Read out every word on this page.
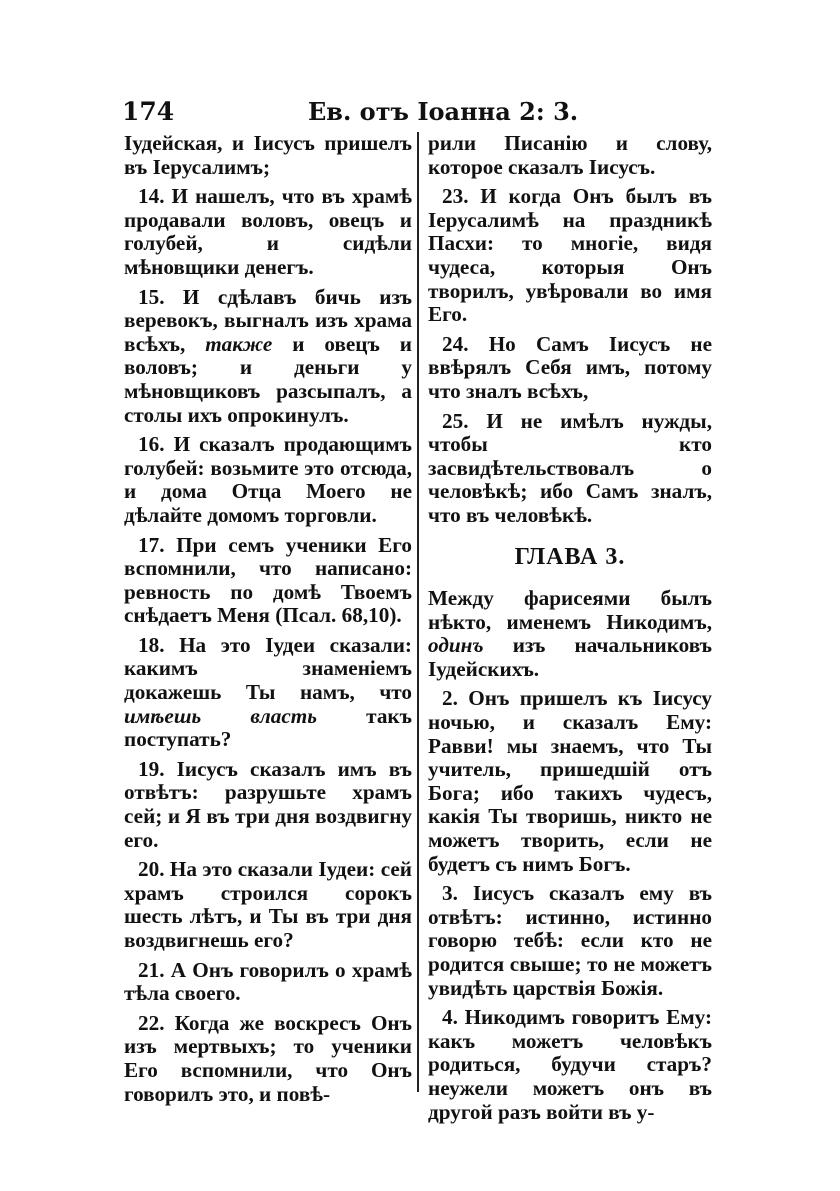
174	Ев. отъ Іоанна 2: 3.

Іудейская, и Іисусъ пришелъ въ Іерусалимъ;

14. И нашелъ, что въ храмѣ продавали воловъ, овецъ и голубей, и сидѣли мѣновщики денегъ.

15. И сдѣлавъ бичь изъ веревокъ, выгналъ изъ храма всѣхъ, также и овецъ и воловъ; и деньги у мѣновщиковъ разсыпалъ, а столы ихъ опрокинулъ.

16. И сказалъ продающимъ голубей: возьмите это отсюда, и дома Отца Моего не дѣлайте домомъ торговли.

17. При семъ ученики Его вспомнили, что написано: ревность по домѣ Твоемъ снѣдаетъ Меня (Псал. 68,10).

18. На это Іудеи сказали: какимъ знаменіемъ докажешь Ты намъ, что имѣешь власть такъ поступать?

19. Іисусъ сказалъ имъ въ отвѣтъ: разрушьте храмъ сей; и Я въ три дня воздвигну его.

20. На это сказали Іудеи: сей храмъ строился сорокъ шесть лѣтъ, и Ты въ три дня воздвигнешь его?

21. А Онъ говорилъ о храмѣ тѣла своего.

22. Когда же воскресъ Онъ изъ мертвыхъ; то ученики Его вспомнили, что Онъ говорилъ это, и повѣ-

рили Писанію и слову, которое сказалъ Іисусъ.

23. И когда Онъ былъ въ Іерусалимѣ на праздникѣ Пасхи: то многіе, видя чудеса, которыя Онъ творилъ, увѣровали во имя Его.

24. Но Самъ Іисусъ не ввѣрялъ Себя имъ, потому что зналъ всѣхъ,

25. И не имѣлъ нужды, чтобы кто засвидѣтельствовалъ о человѣкѣ; ибо Самъ зналъ, что въ человѣкѣ.

ГЛАВА 3.

Между фарисеями былъ нѣкто, именемъ Никодимъ, одинъ изъ начальниковъ Іудейскихъ.

2. Онъ пришелъ къ Іисусу ночью, и сказалъ Ему: Равви! мы знаемъ, что Ты учитель, пришедшій отъ Бога; ибо такихъ чудесъ, какія Ты творишь, никто не можетъ творить, если не будетъ съ нимъ Богъ.

3. Іисусъ сказалъ ему въ отвѣтъ: истинно, истинно говорю тебѣ: если кто не родится свыше; то не можетъ увидѣть царствія Божія.

4. Никодимъ говоритъ Ему: какъ можетъ человѣкъ родиться, будучи старъ? неужели можетъ онъ въ другой разъ войти въ у-
